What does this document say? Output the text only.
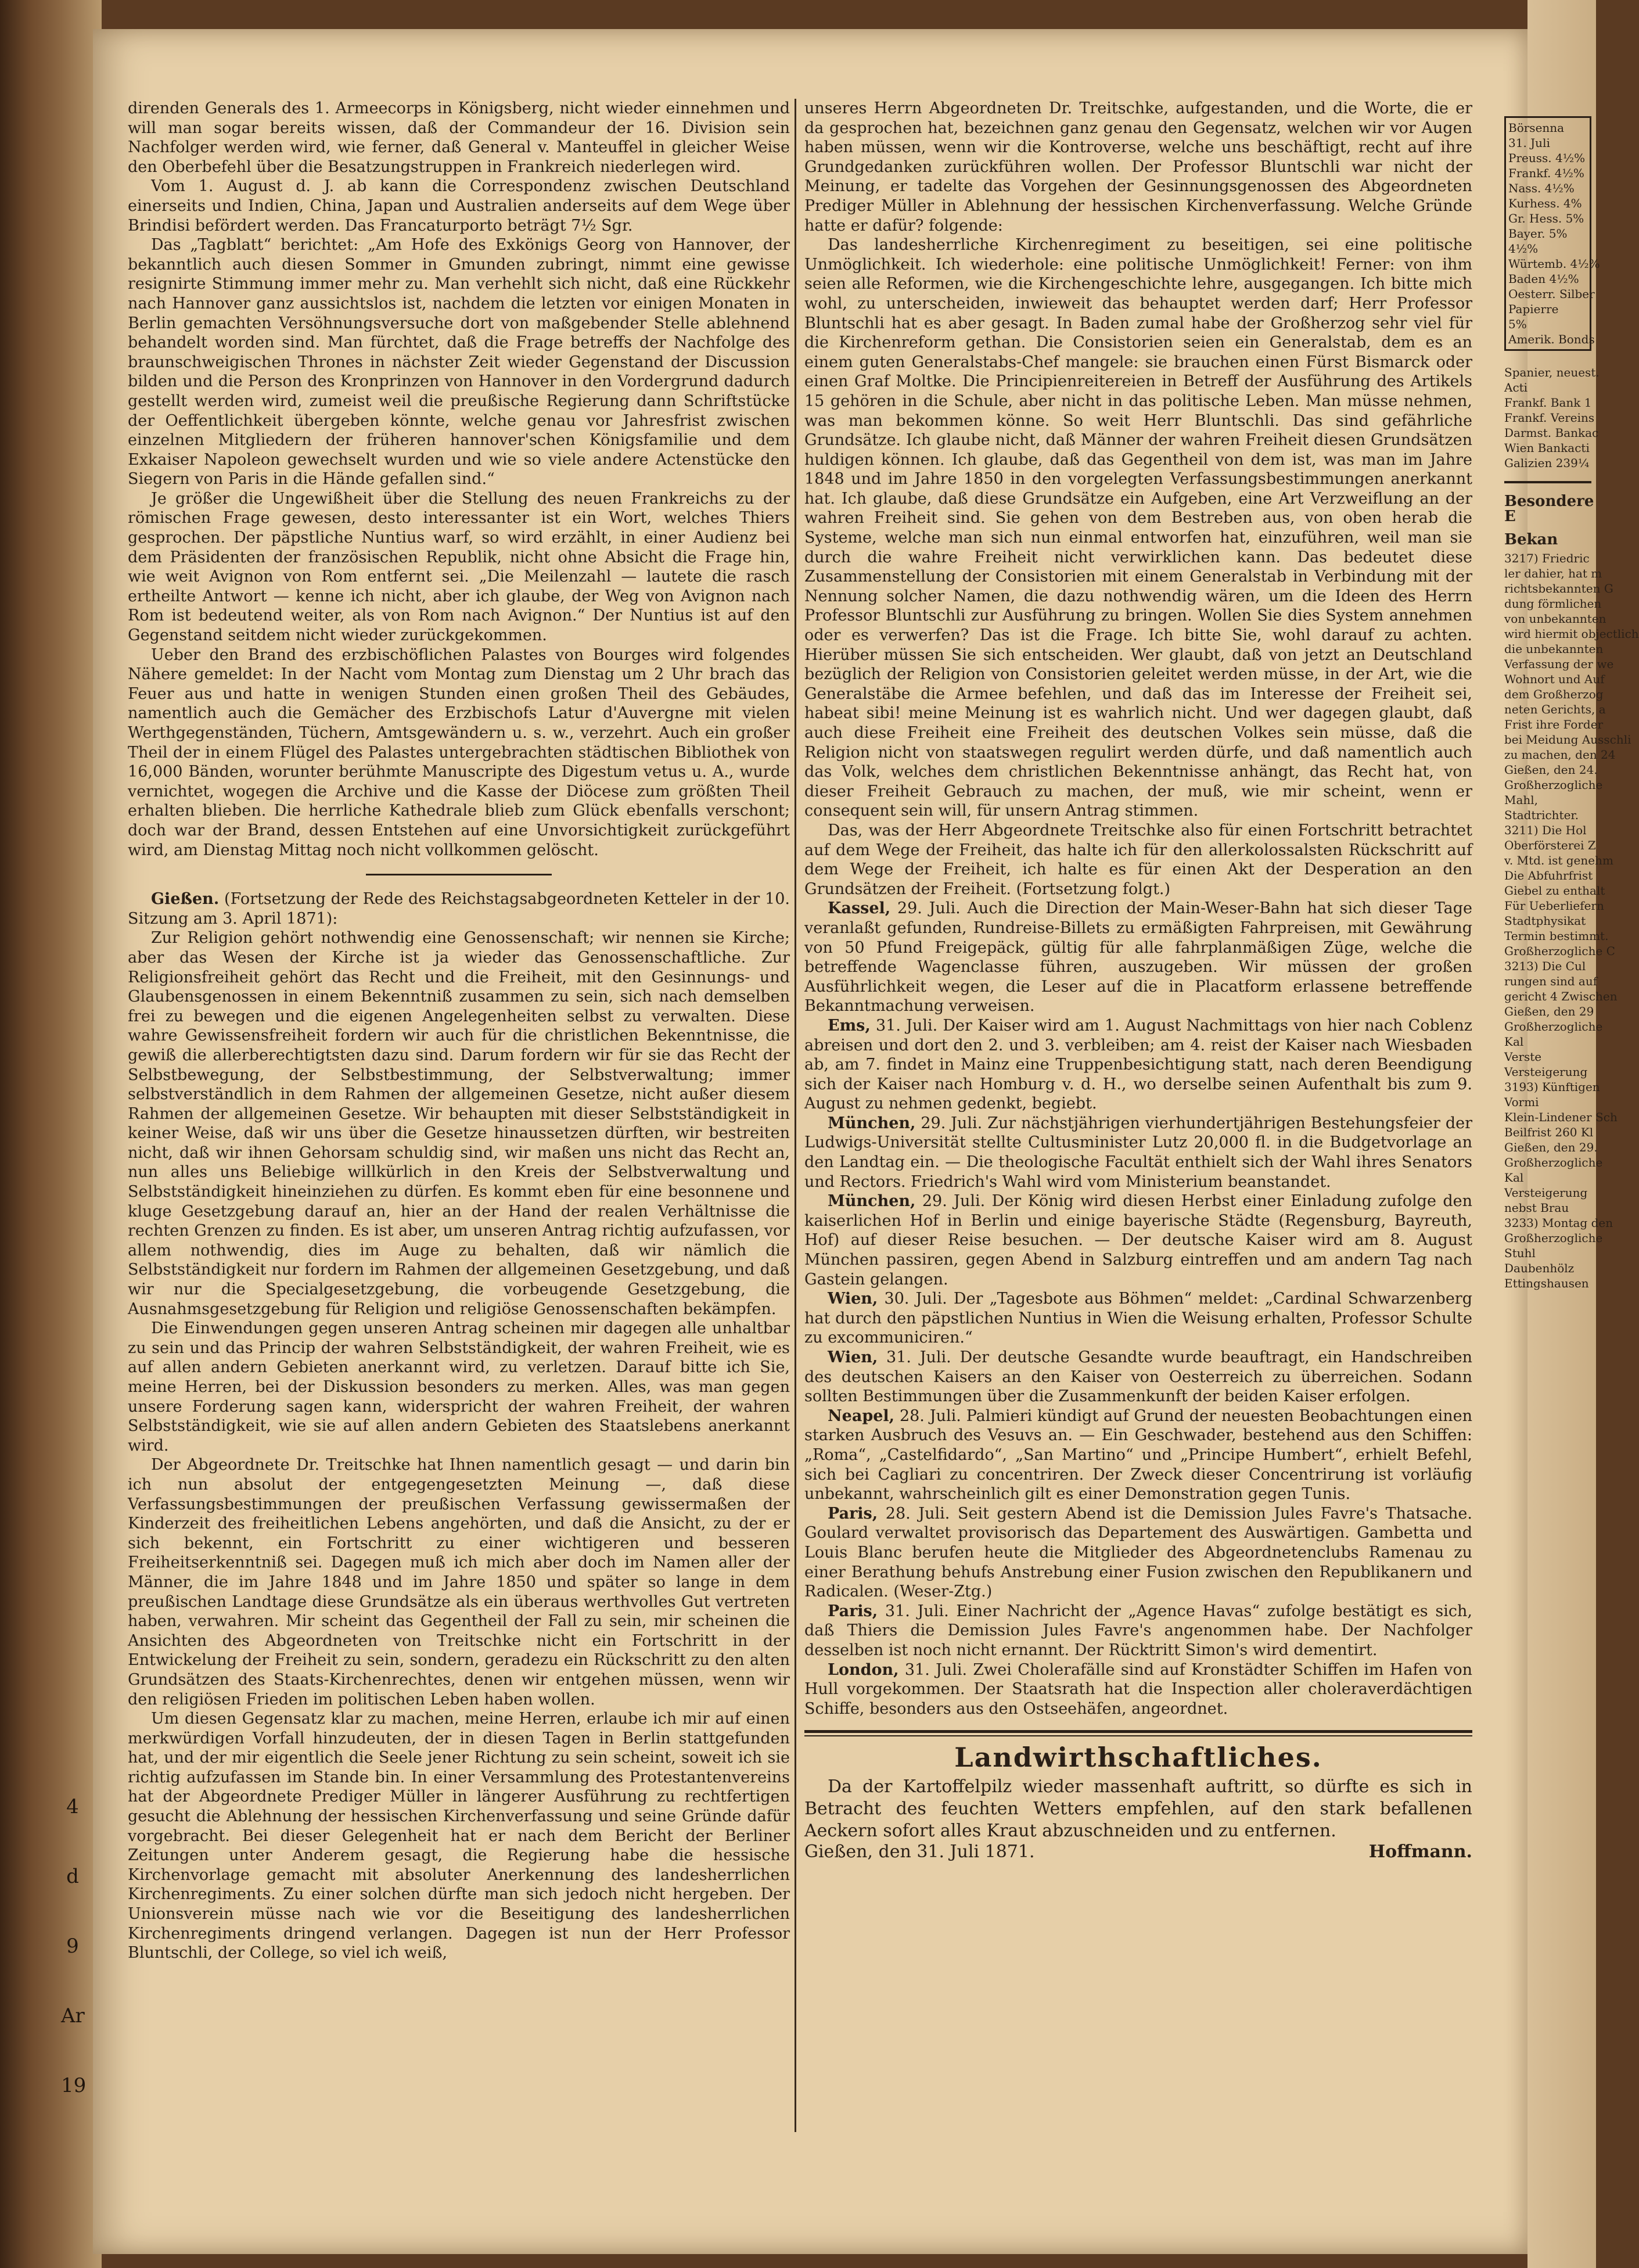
4
d
9
Ar
19

direnden Generals des 1. Armeecorps in Königsberg, nicht wieder einnehmen und will man sogar bereits wissen, daß der Commandeur der 16. Division sein Nachfolger werden wird, wie ferner, daß General v. Manteuffel in gleicher Weise den Oberbefehl über die Besatzungstruppen in Frankreich niederlegen wird.

Vom 1. August d. J. ab kann die Correspondenz zwischen Deutschland einerseits und Indien, China, Japan und Australien anderseits auf dem Wege über Brindisi befördert werden. Das Francaturporto beträgt 7½ Sgr.

Das „Tagblatt“ berichtet: „Am Hofe des Exkönigs Georg von Hannover, der bekanntlich auch diesen Sommer in Gmunden zubringt, nimmt eine gewisse resignirte Stimmung immer mehr zu. Man verhehlt sich nicht, daß eine Rückkehr nach Hannover ganz aussichtslos ist, nachdem die letzten vor einigen Monaten in Berlin gemachten Versöhnungsversuche dort von maßgebender Stelle ablehnend behandelt worden sind. Man fürchtet, daß die Frage betreffs der Nachfolge des braunschweigischen Thrones in nächster Zeit wieder Gegenstand der Discussion bilden und die Person des Kronprinzen von Hannover in den Vordergrund dadurch gestellt werden wird, zumeist weil die preußische Regierung dann Schriftstücke der Oeffentlichkeit übergeben könnte, welche genau vor Jahresfrist zwischen einzelnen Mitgliedern der früheren hannover'schen Königsfamilie und dem Exkaiser Napoleon gewechselt wurden und wie so viele andere Actenstücke den Siegern von Paris in die Hände gefallen sind.“

Je größer die Ungewißheit über die Stellung des neuen Frankreichs zu der römischen Frage gewesen, desto interessanter ist ein Wort, welches Thiers gesprochen. Der päpstliche Nuntius warf, so wird erzählt, in einer Audienz bei dem Präsidenten der französischen Republik, nicht ohne Absicht die Frage hin, wie weit Avignon von Rom entfernt sei. „Die Meilenzahl — lautete die rasch ertheilte Antwort — kenne ich nicht, aber ich glaube, der Weg von Avignon nach Rom ist bedeutend weiter, als von Rom nach Avignon.“ Der Nuntius ist auf den Gegenstand seitdem nicht wieder zurückgekommen.

Ueber den Brand des erzbischöflichen Palastes von Bourges wird folgendes Nähere gemeldet: In der Nacht vom Montag zum Dienstag um 2 Uhr brach das Feuer aus und hatte in wenigen Stunden einen großen Theil des Gebäudes, namentlich auch die Gemächer des Erzbischofs Latur d'Auvergne mit vielen Werthgegenständen, Tüchern, Amtsgewändern u. s. w., verzehrt. Auch ein großer Theil der in einem Flügel des Palastes untergebrachten städtischen Bibliothek von 16,000 Bänden, worunter berühmte Manuscripte des Digestum vetus u. A., wurde vernichtet, wogegen die Archive und die Kasse der Diöcese zum größten Theil erhalten blieben. Die herrliche Kathedrale blieb zum Glück ebenfalls verschont; doch war der Brand, dessen Entstehen auf eine Unvorsichtigkeit zurückgeführt wird, am Dienstag Mittag noch nicht vollkommen gelöscht.

Gießen. (Fortsetzung der Rede des Reichstagsabgeordneten Ketteler in der 10. Sitzung am 3. April 1871):

Zur Religion gehört nothwendig eine Genossenschaft; wir nennen sie Kirche; aber das Wesen der Kirche ist ja wieder das Genossenschaftliche. Zur Religionsfreiheit gehört das Recht und die Freiheit, mit den Gesinnungs- und Glaubensgenossen in einem Bekenntniß zusammen zu sein, sich nach demselben frei zu bewegen und die eigenen Angelegenheiten selbst zu verwalten. Diese wahre Gewissensfreiheit fordern wir auch für die christlichen Bekenntnisse, die gewiß die allerberechtigtsten dazu sind. Darum fordern wir für sie das Recht der Selbstbewegung, der Selbstbestimmung, der Selbstverwaltung; immer selbstverständlich in dem Rahmen der allgemeinen Gesetze, nicht außer diesem Rahmen der allgemeinen Gesetze. Wir behaupten mit dieser Selbstständigkeit in keiner Weise, daß wir uns über die Gesetze hinaussetzen dürften, wir bestreiten nicht, daß wir ihnen Gehorsam schuldig sind, wir maßen uns nicht das Recht an, nun alles uns Beliebige willkürlich in den Kreis der Selbstverwaltung und Selbstständigkeit hineinziehen zu dürfen. Es kommt eben für eine besonnene und kluge Gesetzgebung darauf an, hier an der Hand der realen Verhältnisse die rechten Grenzen zu finden. Es ist aber, um unseren Antrag richtig aufzufassen, vor allem nothwendig, dies im Auge zu behalten, daß wir nämlich die Selbstständigkeit nur fordern im Rahmen der allgemeinen Gesetzgebung, und daß wir nur die Specialgesetzgebung, die vorbeugende Gesetzgebung, die Ausnahmsgesetzgebung für Religion und religiöse Genossenschaften bekämpfen.

Die Einwendungen gegen unseren Antrag scheinen mir dagegen alle unhaltbar zu sein und das Princip der wahren Selbstständigkeit, der wahren Freiheit, wie es auf allen andern Gebieten anerkannt wird, zu verletzen. Darauf bitte ich Sie, meine Herren, bei der Diskussion besonders zu merken. Alles, was man gegen unsere Forderung sagen kann, widerspricht der wahren Freiheit, der wahren Selbstständigkeit, wie sie auf allen andern Gebieten des Staatslebens anerkannt wird.

Der Abgeordnete Dr. Treitschke hat Ihnen namentlich gesagt — und darin bin ich nun absolut der entgegengesetzten Meinung —, daß diese Verfassungsbestimmungen der preußischen Verfassung gewissermaßen der Kinderzeit des freiheitlichen Lebens angehörten, und daß die Ansicht, zu der er sich bekennt, ein Fortschritt zu einer wichtigeren und besseren Freiheitserkenntniß sei. Dagegen muß ich mich aber doch im Namen aller der Männer, die im Jahre 1848 und im Jahre 1850 und später so lange in dem preußischen Landtage diese Grundsätze als ein überaus werthvolles Gut vertreten haben, verwahren. Mir scheint das Gegentheil der Fall zu sein, mir scheinen die Ansichten des Abgeordneten von Treitschke nicht ein Fortschritt in der Entwickelung der Freiheit zu sein, sondern, geradezu ein Rückschritt zu den alten Grundsätzen des Staats-Kirchenrechtes, denen wir entgehen müssen, wenn wir den religiösen Frieden im politischen Leben haben wollen.

Um diesen Gegensatz klar zu machen, meine Herren, erlaube ich mir auf einen merkwürdigen Vorfall hinzudeuten, der in diesen Tagen in Berlin stattgefunden hat, und der mir eigentlich die Seele jener Richtung zu sein scheint, soweit ich sie richtig aufzufassen im Stande bin. In einer Versammlung des Protestantenvereins hat der Abgeordnete Prediger Müller in längerer Ausführung zu rechtfertigen gesucht die Ablehnung der hessischen Kirchenverfassung und seine Gründe dafür vorgebracht. Bei dieser Gelegenheit hat er nach dem Bericht der Berliner Zeitungen unter Anderem gesagt, die Regierung habe die hessische Kirchenvorlage gemacht mit absoluter Anerkennung des landesherrlichen Kirchenregiments. Zu einer solchen dürfte man sich jedoch nicht hergeben. Der Unionsverein müsse nach wie vor die Beseitigung des landesherrlichen Kirchenregiments dringend verlangen. Dagegen ist nun der Herr Professor Bluntschli, der College, so viel ich weiß,

unseres Herrn Abgeordneten Dr. Treitschke, aufgestanden, und die Worte, die er da gesprochen hat, bezeichnen ganz genau den Gegensatz, welchen wir vor Augen haben müssen, wenn wir die Kontroverse, welche uns beschäftigt, recht auf ihre Grundgedanken zurückführen wollen. Der Professor Bluntschli war nicht der Meinung, er tadelte das Vorgehen der Gesinnungsgenossen des Abgeordneten Prediger Müller in Ablehnung der hessischen Kirchenverfassung. Welche Gründe hatte er dafür? folgende:

Das landesherrliche Kirchenregiment zu beseitigen, sei eine politische Unmöglichkeit. Ich wiederhole: eine politische Unmöglichkeit! Ferner: von ihm seien alle Reformen, wie die Kirchengeschichte lehre, ausgegangen. Ich bitte mich wohl, zu unterscheiden, inwieweit das behauptet werden darf; Herr Professor Bluntschli hat es aber gesagt. In Baden zumal habe der Großherzog sehr viel für die Kirchenreform gethan. Die Consistorien seien ein Generalstab, dem es an einem guten Generalstabs-Chef mangele: sie brauchen einen Fürst Bismarck oder einen Graf Moltke. Die Principienreitereien in Betreff der Ausführung des Artikels 15 gehören in die Schule, aber nicht in das politische Leben. Man müsse nehmen, was man bekommen könne. So weit Herr Bluntschli. Das sind gefährliche Grundsätze. Ich glaube nicht, daß Männer der wahren Freiheit diesen Grundsätzen huldigen können. Ich glaube, daß das Gegentheil von dem ist, was man im Jahre 1848 und im Jahre 1850 in den vorgelegten Verfassungsbestimmungen anerkannt hat. Ich glaube, daß diese Grundsätze ein Aufgeben, eine Art Verzweiflung an der wahren Freiheit sind. Sie gehen von dem Bestreben aus, von oben herab die Systeme, welche man sich nun einmal entworfen hat, einzuführen, weil man sie durch die wahre Freiheit nicht verwirklichen kann. Das bedeutet diese Zusammenstellung der Consistorien mit einem Generalstab in Verbindung mit der Nennung solcher Namen, die dazu nothwendig wären, um die Ideen des Herrn Professor Bluntschli zur Ausführung zu bringen. Wollen Sie dies System annehmen oder es verwerfen? Das ist die Frage. Ich bitte Sie, wohl darauf zu achten. Hierüber müssen Sie sich entscheiden. Wer glaubt, daß von jetzt an Deutschland bezüglich der Religion von Consistorien geleitet werden müsse, in der Art, wie die Generalstäbe die Armee befehlen, und daß das im Interesse der Freiheit sei, habeat sibi! meine Meinung ist es wahrlich nicht. Und wer dagegen glaubt, daß auch diese Freiheit eine Freiheit des deutschen Volkes sein müsse, daß die Religion nicht von staatswegen regulirt werden dürfe, und daß namentlich auch das Volk, welches dem christlichen Bekenntnisse anhängt, das Recht hat, von dieser Freiheit Gebrauch zu machen, der muß, wie mir scheint, wenn er consequent sein will, für unsern Antrag stimmen.

Das, was der Herr Abgeordnete Treitschke also für einen Fortschritt betrachtet auf dem Wege der Freiheit, das halte ich für den allerkolossalsten Rückschritt auf dem Wege der Freiheit, ich halte es für einen Akt der Desperation an den Grundsätzen der Freiheit. (Fortsetzung folgt.)

Kassel, 29. Juli. Auch die Direction der Main-Weser-Bahn hat sich dieser Tage veranlaßt gefunden, Rundreise-Billets zu ermäßigten Fahrpreisen, mit Gewährung von 50 Pfund Freigepäck, gültig für alle fahrplanmäßigen Züge, welche die betreffende Wagenclasse führen, auszugeben. Wir müssen der großen Ausführlichkeit wegen, die Leser auf die in Placatform erlassene betreffende Bekanntmachung verweisen.

Ems, 31. Juli. Der Kaiser wird am 1. August Nachmittags von hier nach Coblenz abreisen und dort den 2. und 3. verbleiben; am 4. reist der Kaiser nach Wiesbaden ab, am 7. findet in Mainz eine Truppenbesichtigung statt, nach deren Beendigung sich der Kaiser nach Homburg v. d. H., wo derselbe seinen Aufenthalt bis zum 9. August zu nehmen gedenkt, begiebt.

München, 29. Juli. Zur nächstjährigen vierhundertjährigen Bestehungsfeier der Ludwigs-Universität stellte Cultusminister Lutz 20,000 fl. in die Budgetvorlage an den Landtag ein. — Die theologische Facultät enthielt sich der Wahl ihres Senators und Rectors. Friedrich's Wahl wird vom Ministerium beanstandet.

München, 29. Juli. Der König wird diesen Herbst einer Einladung zufolge den kaiserlichen Hof in Berlin und einige bayerische Städte (Regensburg, Bayreuth, Hof) auf dieser Reise besuchen. — Der deutsche Kaiser wird am 8. August München passiren, gegen Abend in Salzburg eintreffen und am andern Tag nach Gastein gelangen.

Wien, 30. Juli. Der „Tagesbote aus Böhmen“ meldet: „Cardinal Schwarzenberg hat durch den päpstlichen Nuntius in Wien die Weisung erhalten, Professor Schulte zu excommuniciren.“

Wien, 31. Juli. Der deutsche Gesandte wurde beauftragt, ein Handschreiben des deutschen Kaisers an den Kaiser von Oesterreich zu überreichen. Sodann sollten Bestimmungen über die Zusammenkunft der beiden Kaiser erfolgen.

Neapel, 28. Juli. Palmieri kündigt auf Grund der neuesten Beobachtungen einen starken Ausbruch des Vesuvs an. — Ein Geschwader, bestehend aus den Schiffen: „Roma“, „Castelfidardo“, „San Martino“ und „Principe Humbert“, erhielt Befehl, sich bei Cagliari zu concentriren. Der Zweck dieser Concentrirung ist vorläufig unbekannt, wahrscheinlich gilt es einer Demonstration gegen Tunis.

Paris, 28. Juli. Seit gestern Abend ist die Demission Jules Favre's Thatsache. Goulard verwaltet provisorisch das Departement des Auswärtigen. Gambetta und Louis Blanc berufen heute die Mitglieder des Abgeordnetenclubs Ramenau zu einer Berathung behufs Anstrebung einer Fusion zwischen den Republikanern und Radicalen. (Weser-Ztg.)

Paris, 31. Juli. Einer Nachricht der „Agence Havas“ zufolge bestätigt es sich, daß Thiers die Demission Jules Favre's angenommen habe. Der Nachfolger desselben ist noch nicht ernannt. Der Rücktritt Simon's wird dementirt.

London, 31. Juli. Zwei Cholerafälle sind auf Kronstädter Schiffen im Hafen von Hull vorgekommen. Der Staatsrath hat die Inspection aller choleraverdächtigen Schiffe, besonders aus den Ostseehäfen, angeordnet.

Landwirthschaftliches.

Da der Kartoffelpilz wieder massenhaft auftritt, so dürfte es sich in Betracht des feuchten Wetters empfehlen, auf den stark befallenen Aeckern sofort alles Kraut abzuschneiden und zu entfernen.

Gießen, den 31. Juli 1871.	Hoffmann.
Börsenna
31. Juli
Preuss. 4½%
Frankf. 4½%
Nass. 4½%
Kurhess. 4%
Gr. Hess. 5%
Bayer. 5%
4½%
Würtemb. 4½%
Baden 4½%
Oesterr. Silber
Papierre
5%
Amerik. Bonds
Spanier, neuest.
Acti
Frankf. Bank 1
Frankf. Vereins
Darmst. Bankac
Wien Bankacti
Galizien 239¼
Besondere E
Bekan
3217) Friedric
ler dahier, hat m
richtsbekannten G
dung förmlichen
von unbekannten
wird hiermit objectlich
die unbekannten
Verfassung der we
Wohnort und Auf
dem Großherzog
neten Gerichts, a
Frist ihre Forder
bei Meidung Ausschli
zu machen, den 24
Gießen, den 24.
Großherzogliche
Mahl,
Stadtrichter.
3211) Die Hol
Oberförsterei Z
v. Mtd. ist genehm
Die Abfuhrfrist
Giebel zu enthalt
Für Ueberliefern
Stadtphysikat
Termin bestimmt.
Großherzogliche C
3213) Die Cul
rungen sind auf
gericht 4 Zwischen
Gießen, den 29
Großherzogliche
Kal
Verste
Versteigerung
3193) Künftigen
Vormi
Klein-Lindener Sch
Beilfrist 260 Kl
Gießen, den 29.
Großherzogliche
Kal
Versteigerung
nebst Brau
3233) Montag den
Großherzogliche
Stuhl
Daubenhölz
Ettingshausen
